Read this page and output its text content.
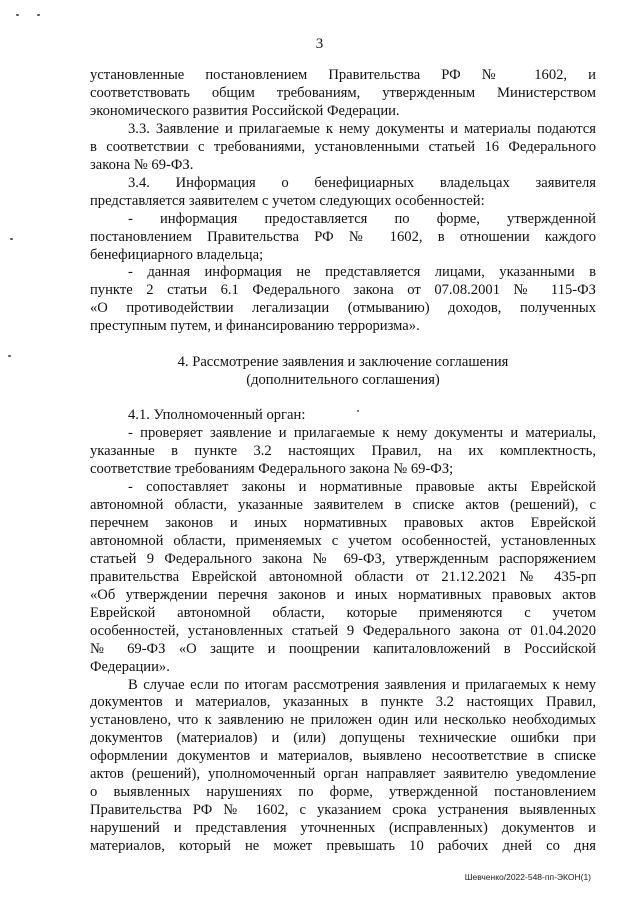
3

установленные постановлением Правительства РФ № 1602, и

соответствовать общим требованиям, утвержденным Министерством

экономического развития Российской Федерации.

3.3. Заявление и прилагаемые к нему документы и материалы подаются

в соответствии с требованиями, установленными статьей 16 Федерального

закона № 69-ФЗ.

3.4. Информация о бенефициарных владельцах заявителя

представляется заявителем с учетом следующих особенностей:

- информация предоставляется по форме, утвержденной

постановлением Правительства РФ № 1602, в отношении каждого

бенефициарного владельца;

- данная информация не представляется лицами, указанными в

пункте 2 статьи 6.1 Федерального закона от 07.08.2001 № 115-ФЗ

«О противодействии легализации (отмыванию) доходов, полученных

преступным путем, и финансированию терроризма».

4. Рассмотрение заявления и заключение соглашения
(дополнительного соглашения)

4.1. Уполномоченный орган:

- проверяет заявление и прилагаемые к нему документы и материалы,

указанные в пункте 3.2 настоящих Правил, на их комплектность,

соответствие требованиям Федерального закона № 69-ФЗ;

- сопоставляет законы и нормативные правовые акты Еврейской

автономной области, указанные заявителем в списке актов (решений), с

перечнем законов и иных нормативных правовых актов Еврейской

автономной области, применяемых с учетом особенностей, установленных

статьей 9 Федерального закона № 69-ФЗ, утвержденным распоряжением

правительства Еврейской автономной области от 21.12.2021 № 435-рп

«Об утверждении перечня законов и иных нормативных правовых актов

Еврейской автономной области, которые применяются с учетом

особенностей, установленных статьей 9 Федерального закона от 01.04.2020

№ 69-ФЗ «О защите и поощрении капиталовложений в Российской

Федерации».

В случае если по итогам рассмотрения заявления и прилагаемых к нему

документов и материалов, указанных в пункте 3.2 настоящих Правил,

установлено, что к заявлению не приложен один или несколько необходимых

документов (материалов) и (или) допущены технические ошибки при

оформлении документов и материалов, выявлено несоответствие в списке

актов (решений), уполномоченный орган направляет заявителю уведомление

о выявленных нарушениях по форме, утвержденной постановлением

Правительства РФ № 1602, с указанием срока устранения выявленных

нарушений и представления уточненных (исправленных) документов и

материалов, который не может превышать 10 рабочих дней со дня

Шевченко/2022-548-пп-ЭКОН(1)
